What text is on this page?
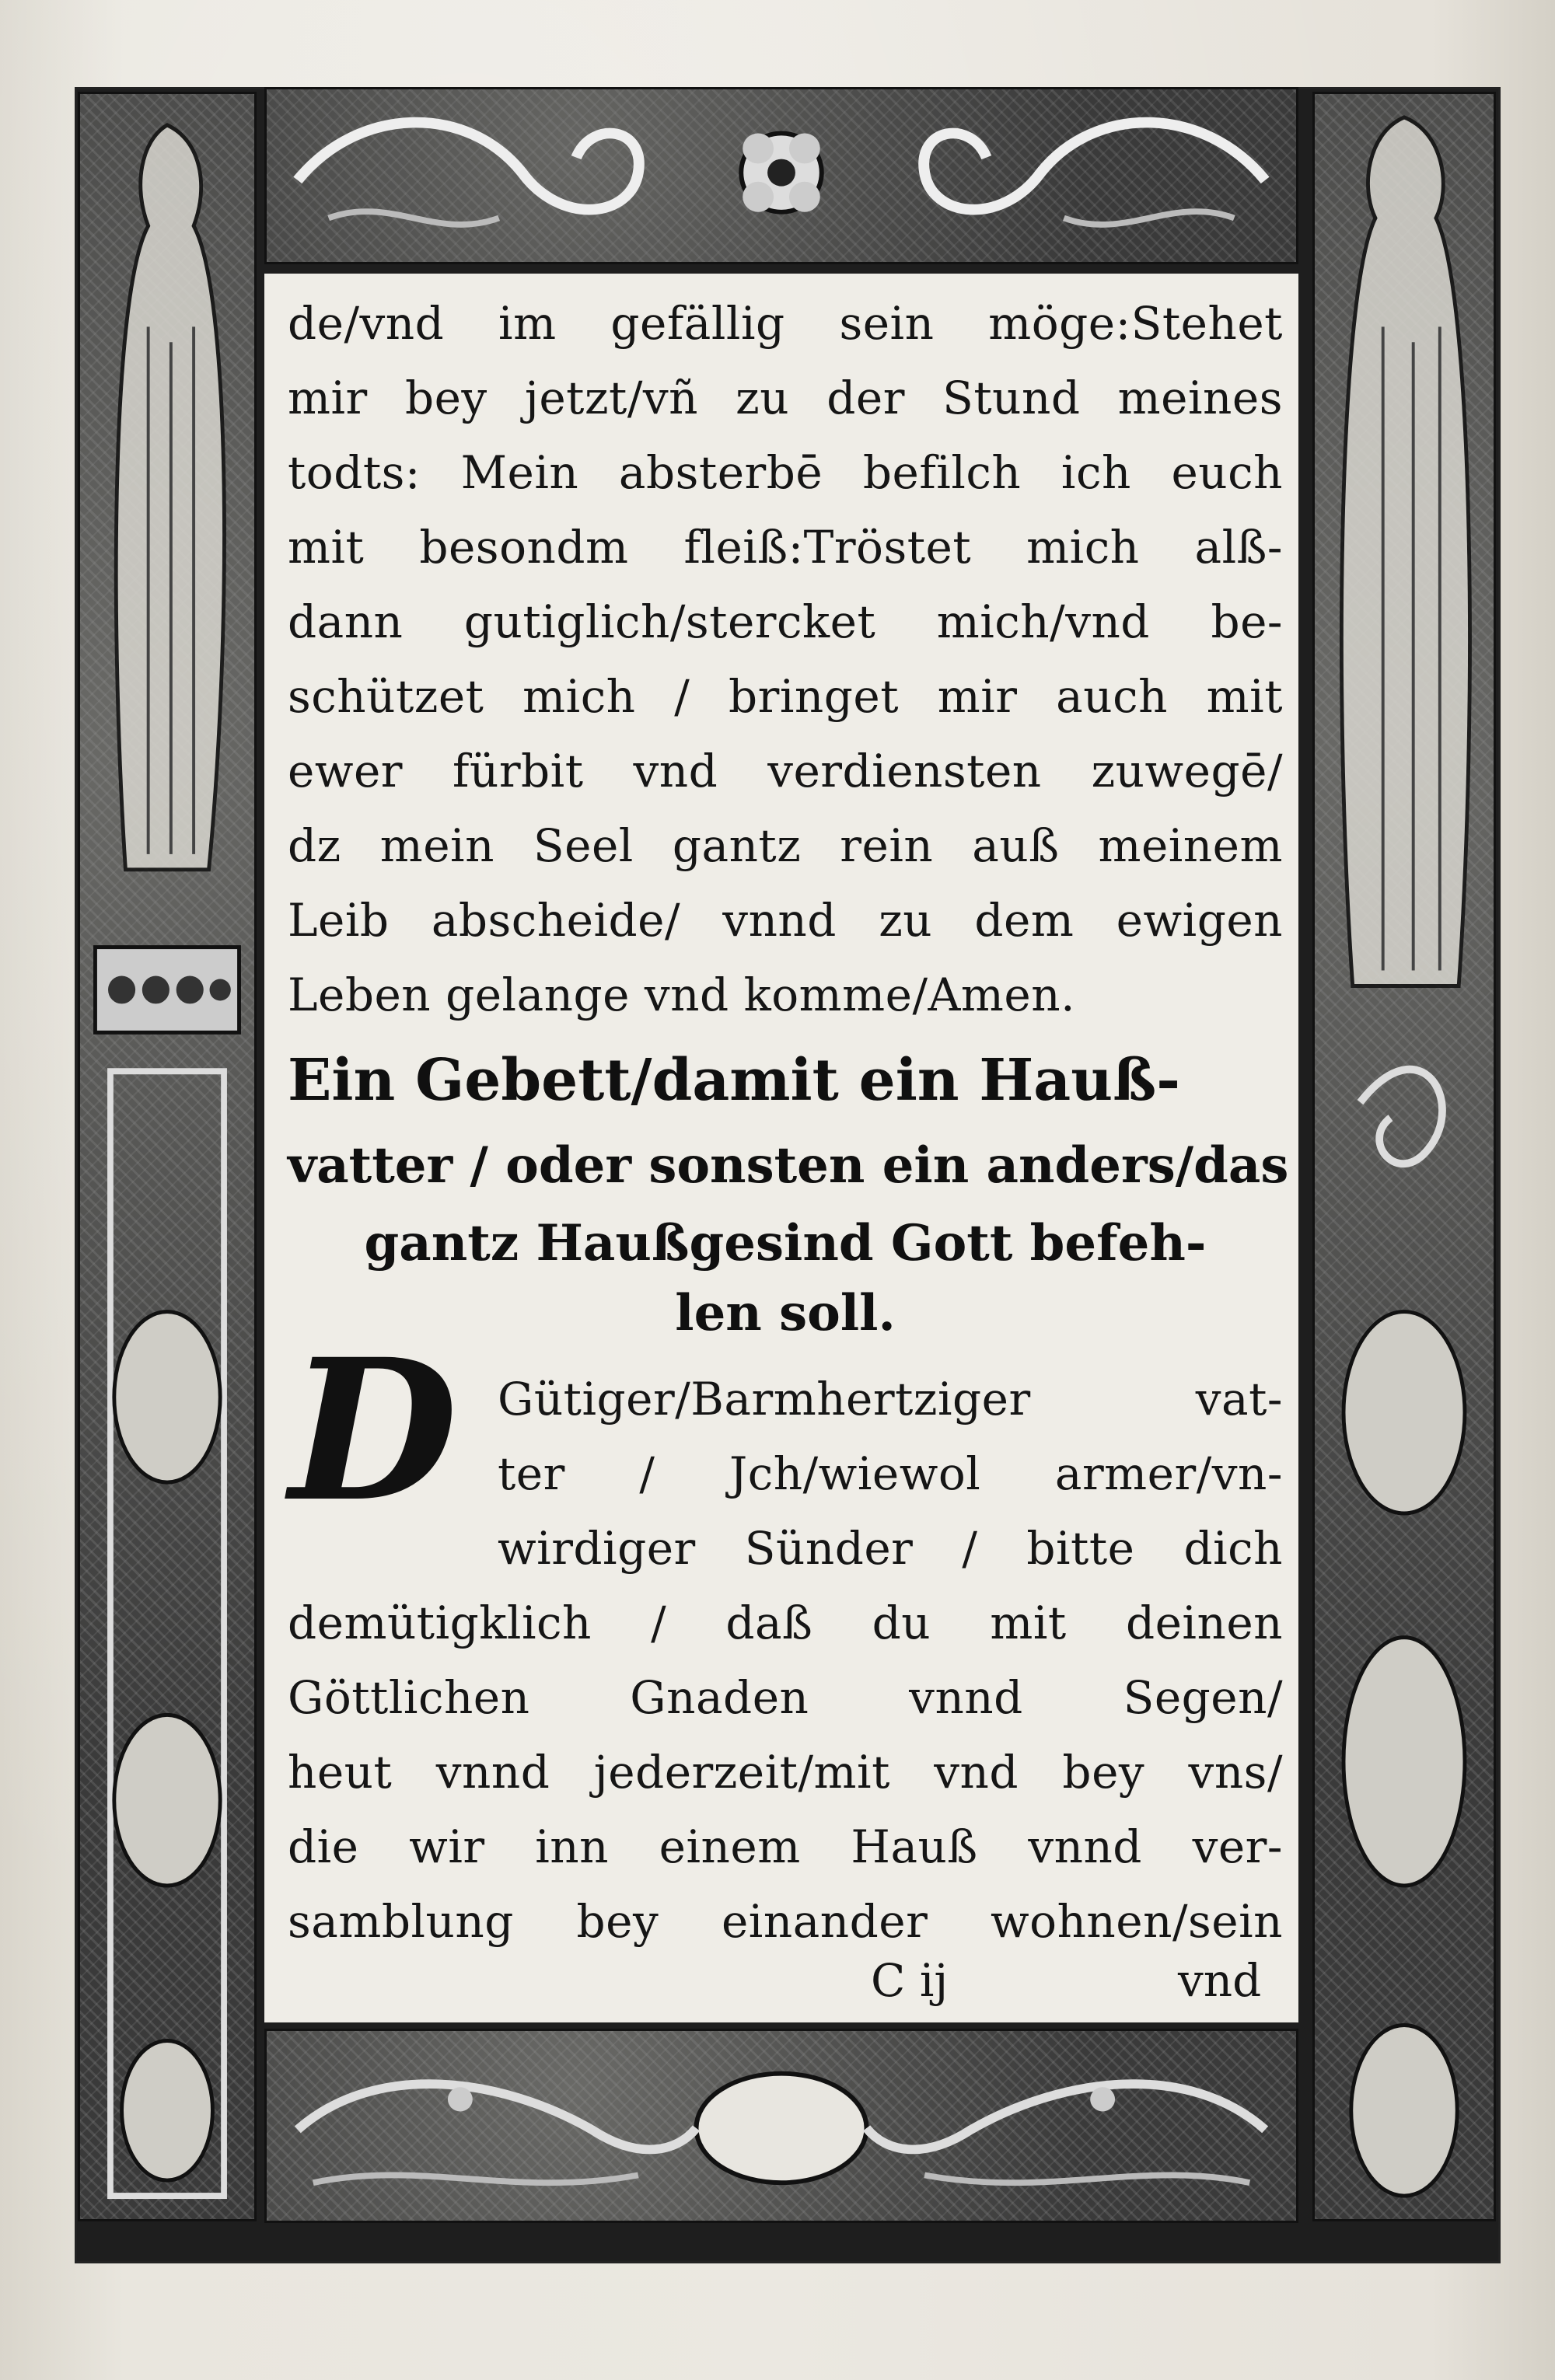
de/vnd im gefällig sein möge:Stehet
mir bey jetzt/vñ zu der Stund meines
todts: Mein absterbē befilch ich euch
mit besondm fleiß:Tröstet mich alß-
dann gutiglich/stercket mich/vnd be-
schützet mich / bringet mir auch mit
ewer fürbit vnd verdiensten zuwegē/
dz mein Seel gantz rein auß meinem
Leib abscheide/ vnnd zu dem ewigen
Leben gelange vnd komme/Amen.
Ein Gebett/damit ein Hauß-
vatter / oder sonsten ein anders/das
gantz Haußgesind Gott befeh-
len soll.
D Gütiger/Barmhertziger vat-
ter / Jch/wiewol armer/vn-
wirdiger Sünder / bitte dich
demütigklich / daß du mit deinen
Göttlichen Gnaden vnnd Segen/
heut vnnd jederzeit/mit vnd bey vns/
die wir inn einem Hauß vnnd ver-
samblung bey einander wohnen/sein
C ij	vnd
